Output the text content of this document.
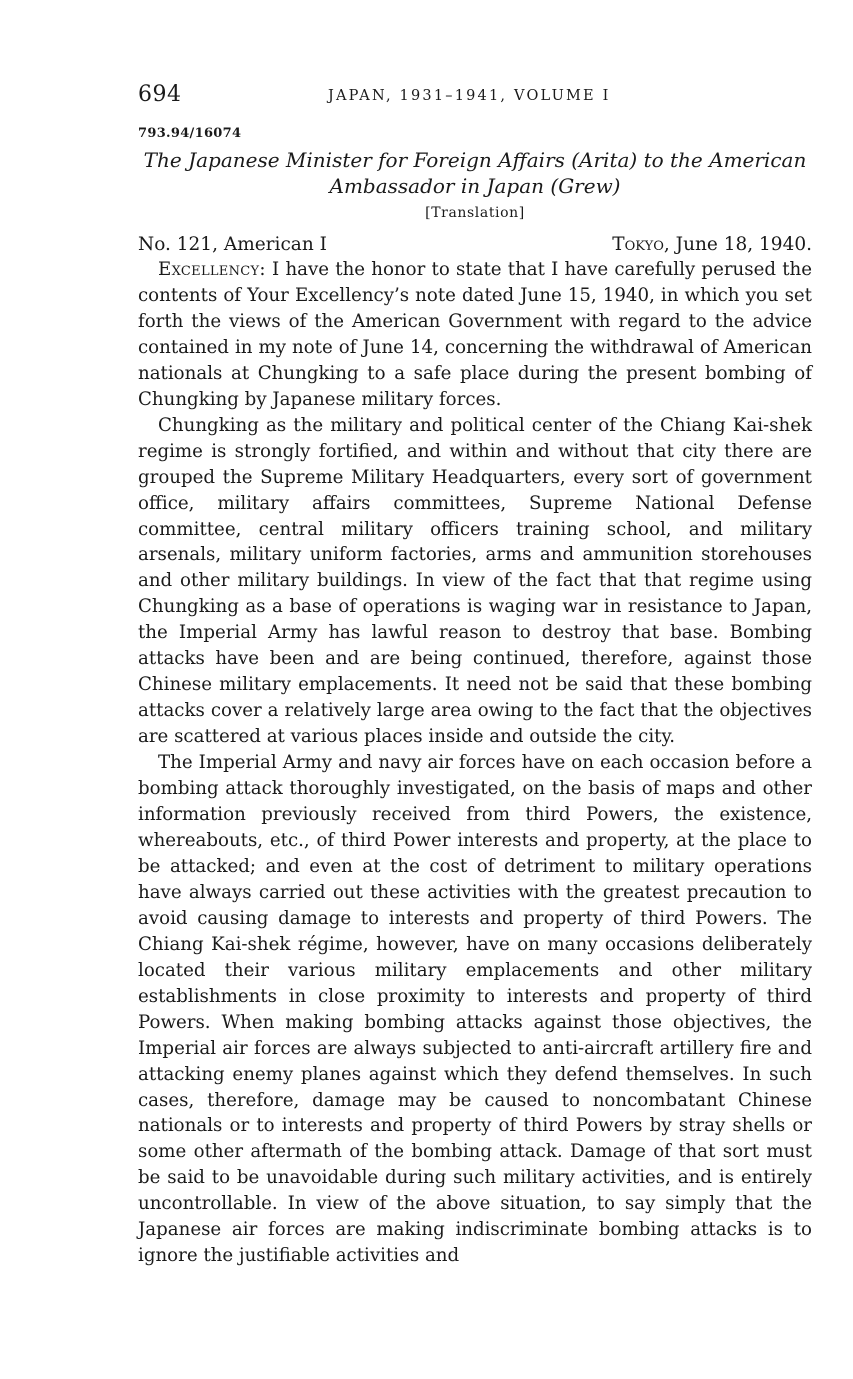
694	JAPAN, 1931–1941, VOLUME I
793.94/16074
The Japanese Minister for Foreign Affairs (Arita) to the American
Ambassador in Japan (Grew)
[Translation]
No. 121, American I	Tokyo, June 18, 1940.

Excellency: I have the honor to state that I have carefully perused the contents of Your Excellency’s note dated June 15, 1940, in which you set forth the views of the American Government with regard to the advice contained in my note of June 14, concerning the withdrawal of American nationals at Chungking to a safe place during the present bombing of Chungking by Japanese military forces.

Chungking as the military and political center of the Chiang Kai-shek regime is strongly fortified, and within and without that city there are grouped the Supreme Military Headquarters, every sort of government office, military affairs committees, Supreme National Defense committee, central military officers training school, and military arsenals, military uniform factories, arms and ammunition storehouses and other military buildings. In view of the fact that that regime using Chungking as a base of operations is waging war in resistance to Japan, the Imperial Army has lawful reason to destroy that base. Bombing attacks have been and are being continued, therefore, against those Chinese military emplacements. It need not be said that these bombing attacks cover a relatively large area owing to the fact that the objectives are scattered at various places inside and outside the city.

The Imperial Army and navy air forces have on each occasion before a bombing attack thoroughly investigated, on the basis of maps and other information previously received from third Powers, the existence, whereabouts, etc., of third Power interests and property, at the place to be attacked; and even at the cost of detriment to military operations have always carried out these activities with the greatest precaution to avoid causing damage to interests and property of third Powers. The Chiang Kai-shek régime, however, have on many occasions deliberately located their various military emplacements and other military establishments in close proximity to interests and property of third Powers. When making bombing attacks against those objectives, the Imperial air forces are always subjected to anti-aircraft artillery fire and attacking enemy planes against which they defend themselves. In such cases, therefore, damage may be caused to noncombatant Chinese nationals or to interests and property of third Powers by stray shells or some other aftermath of the bombing attack. Damage of that sort must be said to be unavoidable during such military activities, and is entirely uncontrollable. In view of the above situation, to say simply that the Japanese air forces are making indiscriminate bombing attacks is to ignore the justifiable activities and
